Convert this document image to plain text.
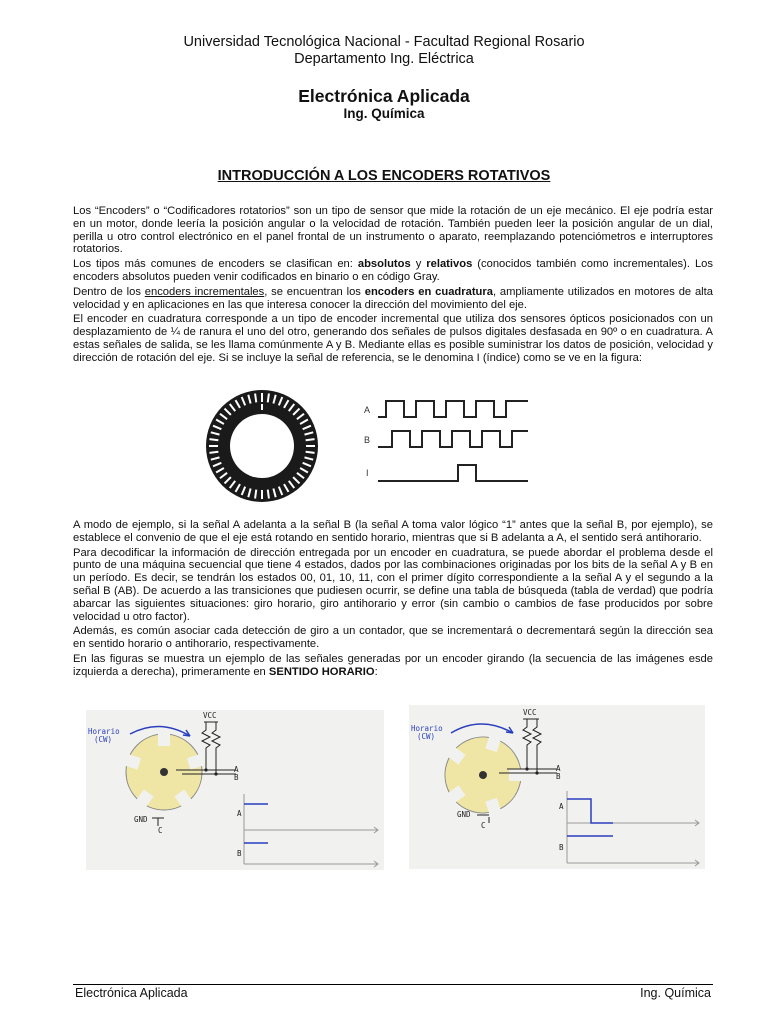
Universidad Tecnológica Nacional - Facultad Regional Rosario
Departamento Ing. Eléctrica
Electrónica Aplicada
Ing. Química
INTRODUCCIÓN A LOS ENCODERS ROTATIVOS

Los “Encoders” o “Codificadores rotatorios” son un tipo de sensor que mide la rotación de un eje mecánico. El eje podría estar en un motor, donde leería la posición angular o la velocidad de rotación. También pueden leer la posición angular de un dial, perilla u otro control electrónico en el panel frontal de un instrumento o aparato, reemplazando potenciómetros e interruptores rotatorios.

Los tipos más comunes de encoders se clasifican en: absolutos y relativos (conocidos también como incrementales). Los encoders absolutos pueden venir codificados en binario o en código Gray.

Dentro de los encoders incrementales, se encuentran los encoders en cuadratura, ampliamente utilizados en motores de alta velocidad y en aplicaciones en las que interesa conocer la dirección del movimiento del eje.

El encoder en cuadratura corresponde a un tipo de encoder incremental que utiliza dos sensores ópticos posicionados con un desplazamiento de ¼ de ranura el uno del otro, generando dos señales de pulsos digitales desfasada en 90º o en cuadratura. A estas señales de salida, se les llama comúnmente A y B. Mediante ellas es posible suministrar los datos de posición, velocidad y dirección de rotación del eje. Si se incluye la señal de referencia, se le denomina I (índice) como se ve en la figura:

A
B
I

A modo de ejemplo, si la señal A adelanta a la señal B (la señal A toma valor lógico “1” antes que la señal B, por ejemplo), se establece el convenio de que el eje está rotando en sentido horario, mientras que si B adelanta a A, el sentido será antihorario.

Para decodificar la información de dirección entregada por un encoder en cuadratura, se puede abordar el problema desde el punto de una máquina secuencial que tiene 4 estados, dados por las combinaciones originadas por los bits de la señal A y B en un período. Es decir, se tendrán los estados 00, 01, 10, 11, con el primer dígito correspondiente a la señal A y el segundo a la señal B (AB). De acuerdo a las transiciones que pudiesen ocurrir, se define una tabla de búsqueda (tabla de verdad) que podría abarcar las siguientes situaciones: giro horario, giro antihorario y error (sin cambio o cambios de fase producidos por sobre velocidad u otro factor).

Además, es común asociar cada detección de giro a un contador, que se incrementará o decrementará según la dirección sea en sentido horario o antihorario, respectivamente.

En las figuras se muestra un ejemplo de las señales generadas por un encoder girando (la secuencia de las imágenes esde izquierda a derecha), primeramente en SENTIDO HORARIO:

Horario
(CW)
VCC
A
B
GND
C
A
B
Horario
(CW)
VCC
A
B
GND
C
A
B
Electrónica Aplicada	Ing. Química
